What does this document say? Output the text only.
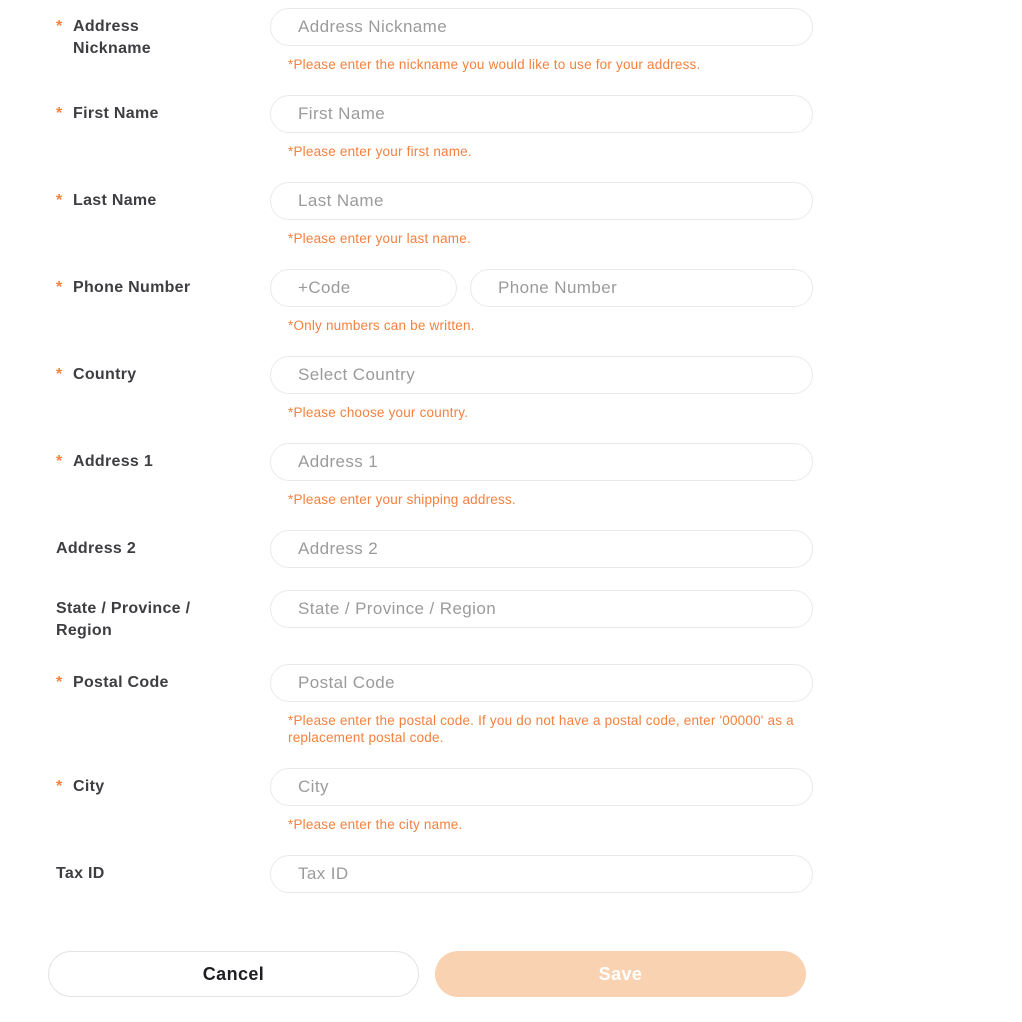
* Address Nickname
Address Nickname
*Please enter the nickname you would like to use for your address.
* First Name
First Name
*Please enter your first name.
* Last Name
Last Name
*Please enter your last name.
* Phone Number
+Code
Phone Number
*Only numbers can be written.
* Country
Select Country
*Please choose your country.
* Address 1
Address 1
*Please enter your shipping address.
Address 2
Address 2
State / Province / Region
State / Province / Region
* Postal Code
Postal Code
*Please enter the postal code. If you do not have a postal code, enter '00000' as a replacement postal code.
* City
City
*Please enter the city name.
Tax ID
Tax ID
Cancel	Save
